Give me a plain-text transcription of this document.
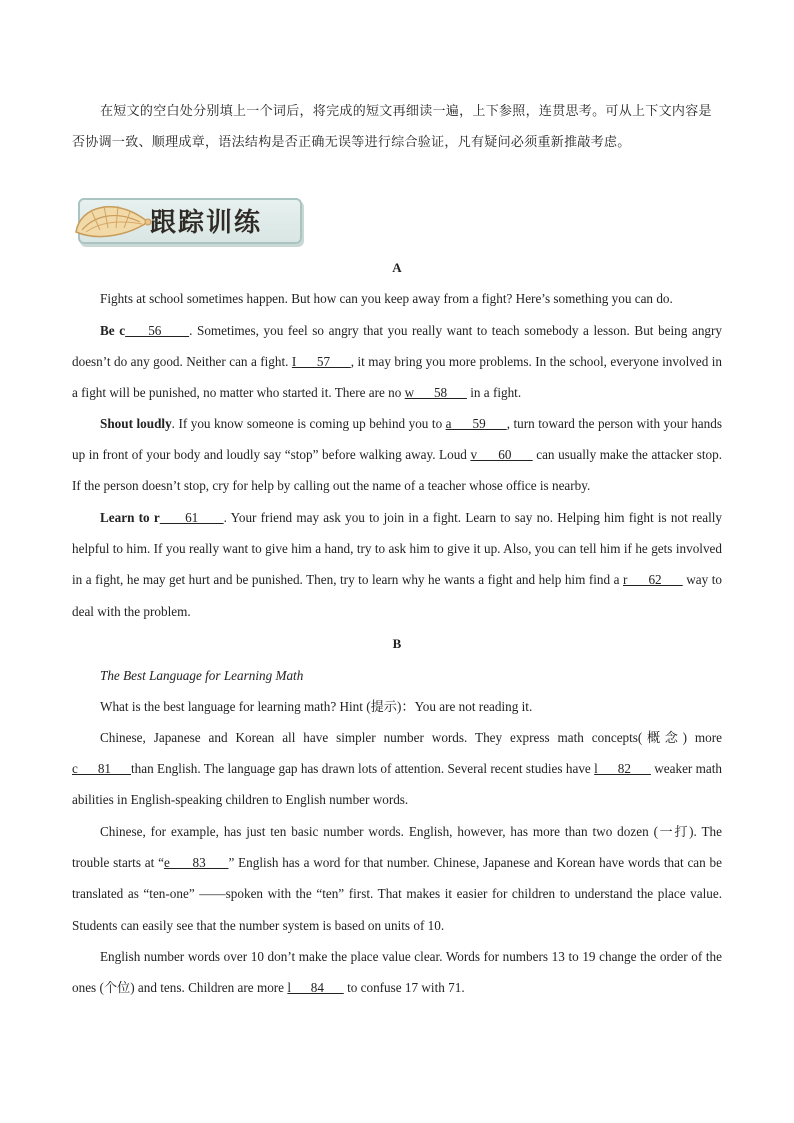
在短文的空白处分别填上一个词后，将完成的短文再细读一遍，上下参照，连贯思考。可从上下文内容是否协调一致、顺理成章，语法结构是否正确无误等进行综合验证，凡有疑问必须重新推敲考虑。

跟踪训练
A

Fights at school sometimes happen. But how can you keep away from a fight? Here’s something you can do.

Be c     56      . Sometimes, you feel so angry that you really want to teach somebody a lesson. But being angry doesn’t do any good. Neither can a fight. I      57      , it may bring you more problems. In the school, everyone involved in a fight will be punished, no matter who started it. There are no w      58       in a fight.

Shout loudly. If you know someone is coming up behind you to a      59      , turn toward the person with your hands up in front of your body and loudly say “stop” before walking away. Loud v      60       can usually make the attacker stop. If the person doesn’t stop, cry for help by calling out the name of a teacher whose office is nearby.

Learn to r      61      . Your friend may ask you to join in a fight. Learn to say no. Helping him fight is not really helpful to him. If you really want to give him a hand, try to ask him to give it up. Also, you can tell him if he gets involved in a fight, he may get hurt and be punished. Then, try to learn why he wants a fight and help him find a r      62       way to deal with the problem.

B

The Best Language for Learning Math

What is the best language for learning math? Hint (提示)：You are not reading it.

Chinese, Japanese and Korean all have simpler number words. They express math concepts(概念) more c      81      than English. The language gap has drawn lots of attention. Several recent studies have l      82       weaker math abilities in English-speaking children to English number words.

Chinese, for example, has just ten basic number words. English, however, has more than two dozen (一打). The trouble starts at “e      83      ” English has a word for that number. Chinese, Japanese and Korean have words that can be translated as “ten-one” ——spoken with the “ten” first. That makes it easier for children to understand the place value. Students can easily see that the number system is based on units of 10.

English number words over 10 don’t make the place value clear. Words for numbers 13 to 19 change the order of the ones (个位) and tens. Children are more l      84       to confuse 17 with 71.
